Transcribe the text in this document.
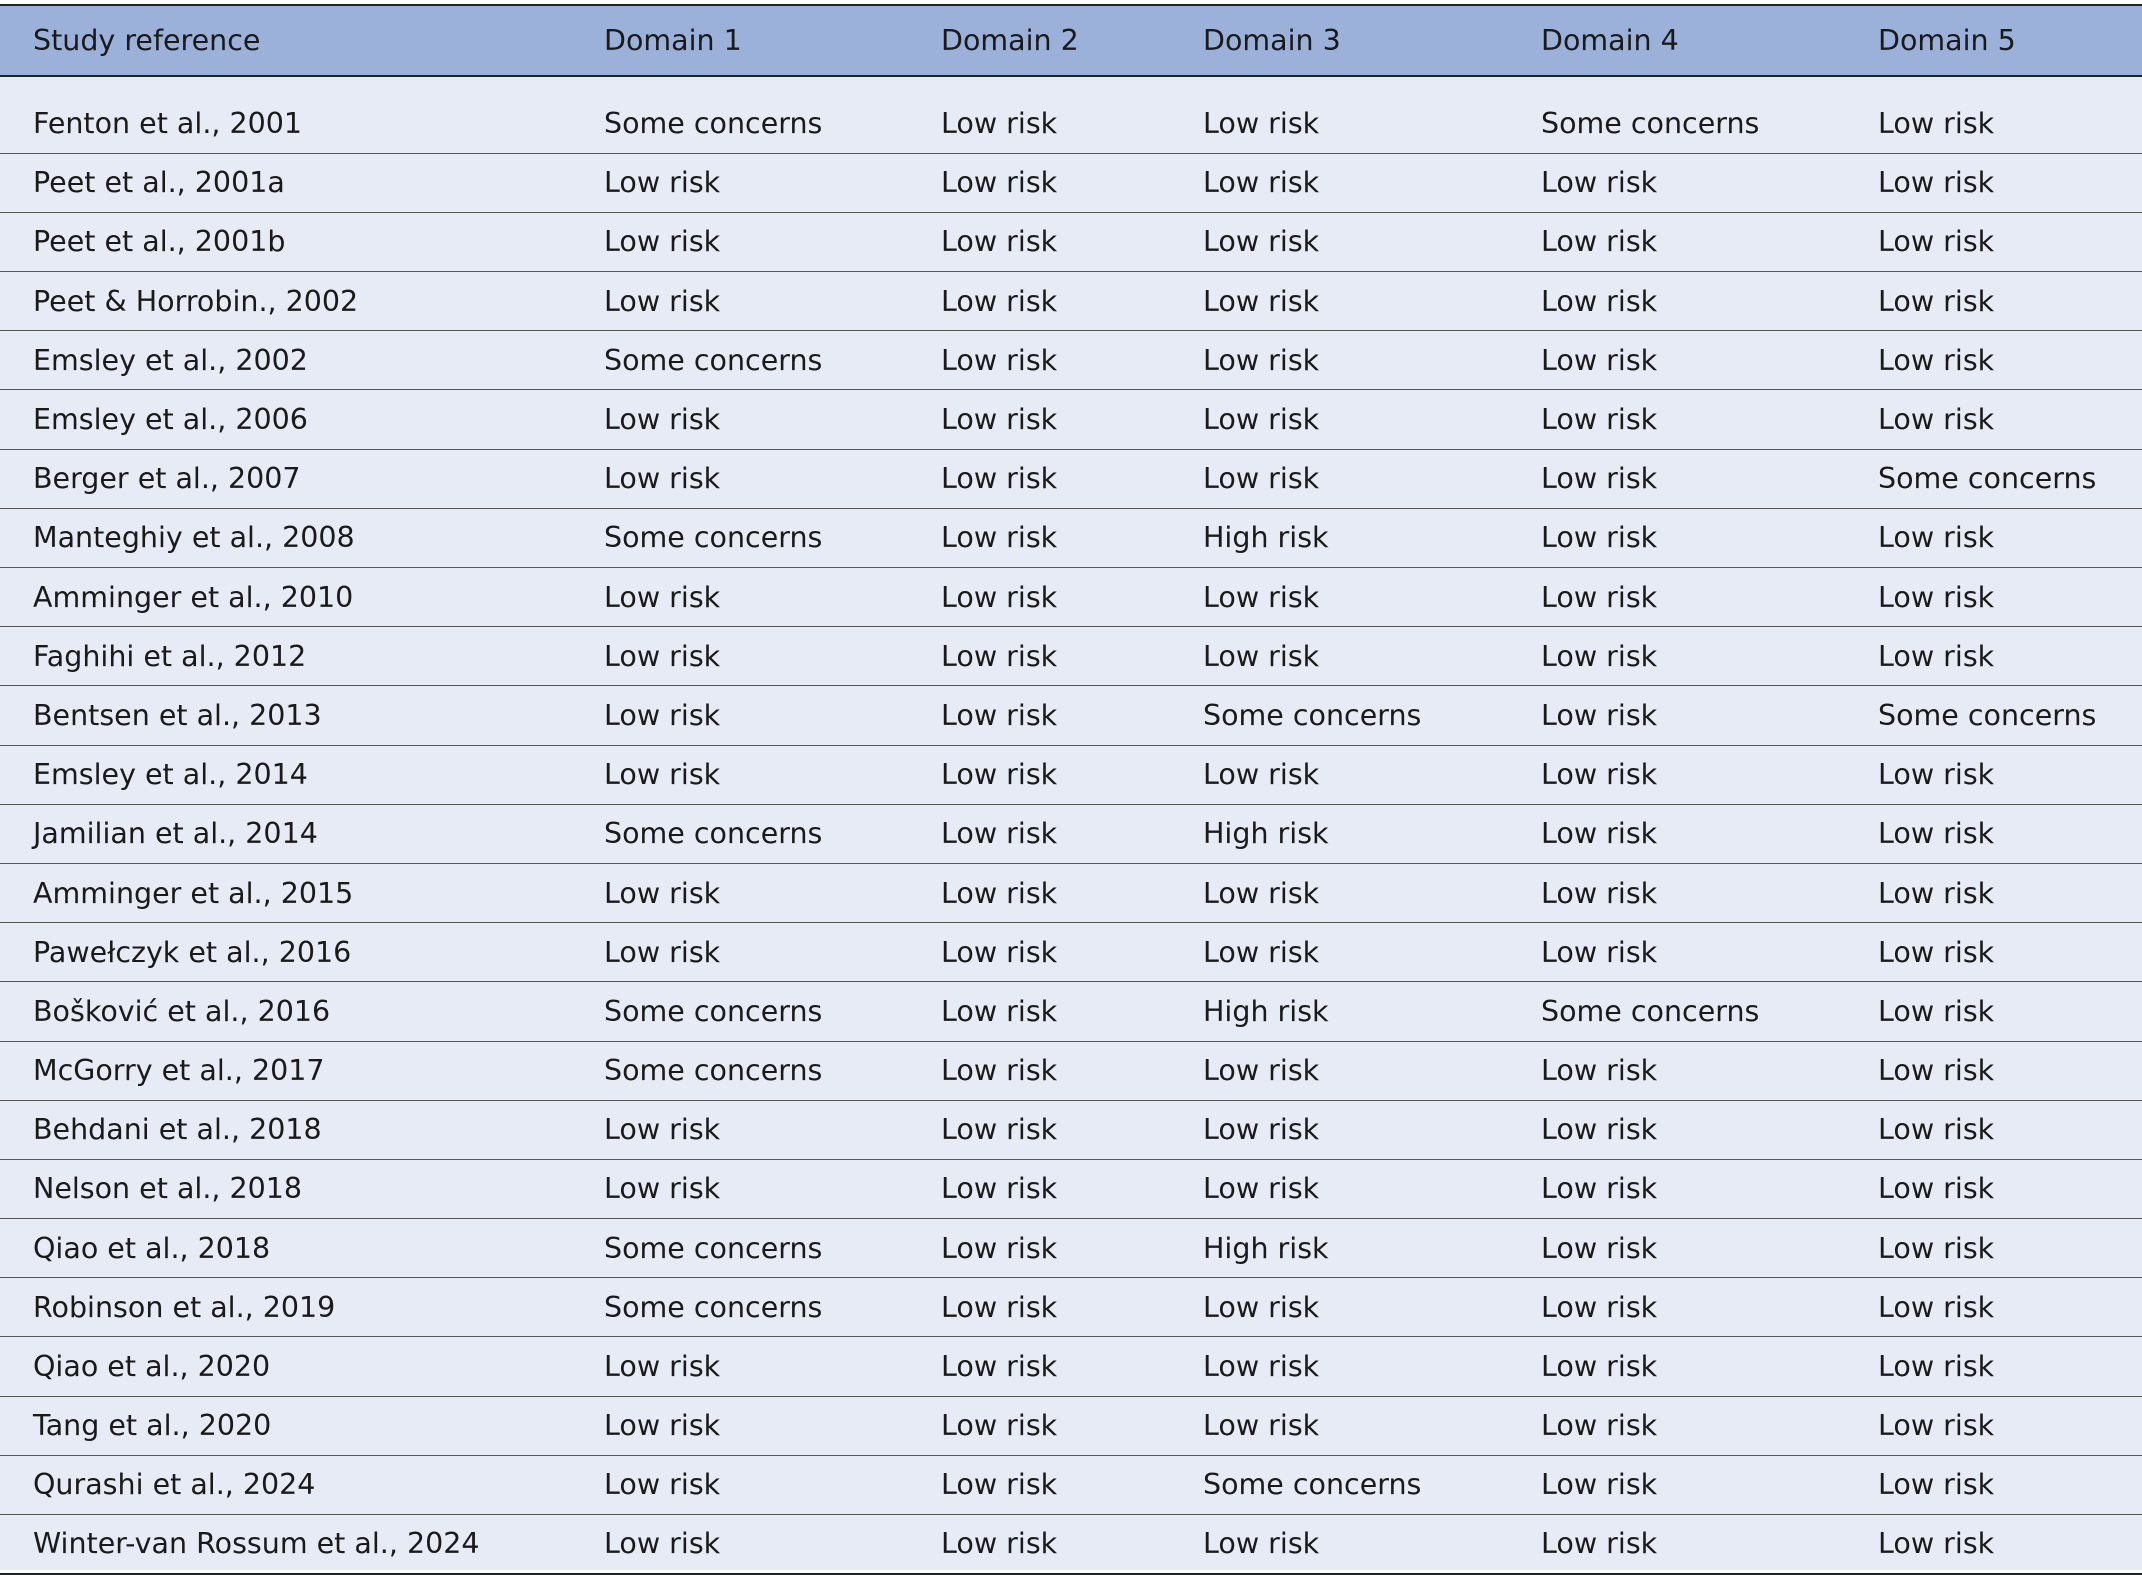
Study reference	Domain 1	Domain 2	Domain 3	Domain 4	Domain 5

Fenton et al., 2001	Some concerns	Low risk	Low risk	Some concerns	Low risk
Peet et al., 2001a	Low risk	Low risk	Low risk	Low risk	Low risk
Peet et al., 2001b	Low risk	Low risk	Low risk	Low risk	Low risk
Peet & Horrobin., 2002	Low risk	Low risk	Low risk	Low risk	Low risk
Emsley et al., 2002	Some concerns	Low risk	Low risk	Low risk	Low risk
Emsley et al., 2006	Low risk	Low risk	Low risk	Low risk	Low risk
Berger et al., 2007	Low risk	Low risk	Low risk	Low risk	Some concerns
Manteghiy et al., 2008	Some concerns	Low risk	High risk	Low risk	Low risk
Amminger et al., 2010	Low risk	Low risk	Low risk	Low risk	Low risk
Faghihi et al., 2012	Low risk	Low risk	Low risk	Low risk	Low risk
Bentsen et al., 2013	Low risk	Low risk	Some concerns	Low risk	Some concerns
Emsley et al., 2014	Low risk	Low risk	Low risk	Low risk	Low risk
Jamilian et al., 2014	Some concerns	Low risk	High risk	Low risk	Low risk
Amminger et al., 2015	Low risk	Low risk	Low risk	Low risk	Low risk
Pawełczyk et al., 2016	Low risk	Low risk	Low risk	Low risk	Low risk
Bošković et al., 2016	Some concerns	Low risk	High risk	Some concerns	Low risk
McGorry et al., 2017	Some concerns	Low risk	Low risk	Low risk	Low risk
Behdani et al., 2018	Low risk	Low risk	Low risk	Low risk	Low risk
Nelson et al., 2018	Low risk	Low risk	Low risk	Low risk	Low risk
Qiao et al., 2018	Some concerns	Low risk	High risk	Low risk	Low risk
Robinson et al., 2019	Some concerns	Low risk	Low risk	Low risk	Low risk
Qiao et al., 2020	Low risk	Low risk	Low risk	Low risk	Low risk
Tang et al., 2020	Low risk	Low risk	Low risk	Low risk	Low risk
Qurashi et al., 2024	Low risk	Low risk	Some concerns	Low risk	Low risk
Winter-van Rossum et al., 2024	Low risk	Low risk	Low risk	Low risk	Low risk
